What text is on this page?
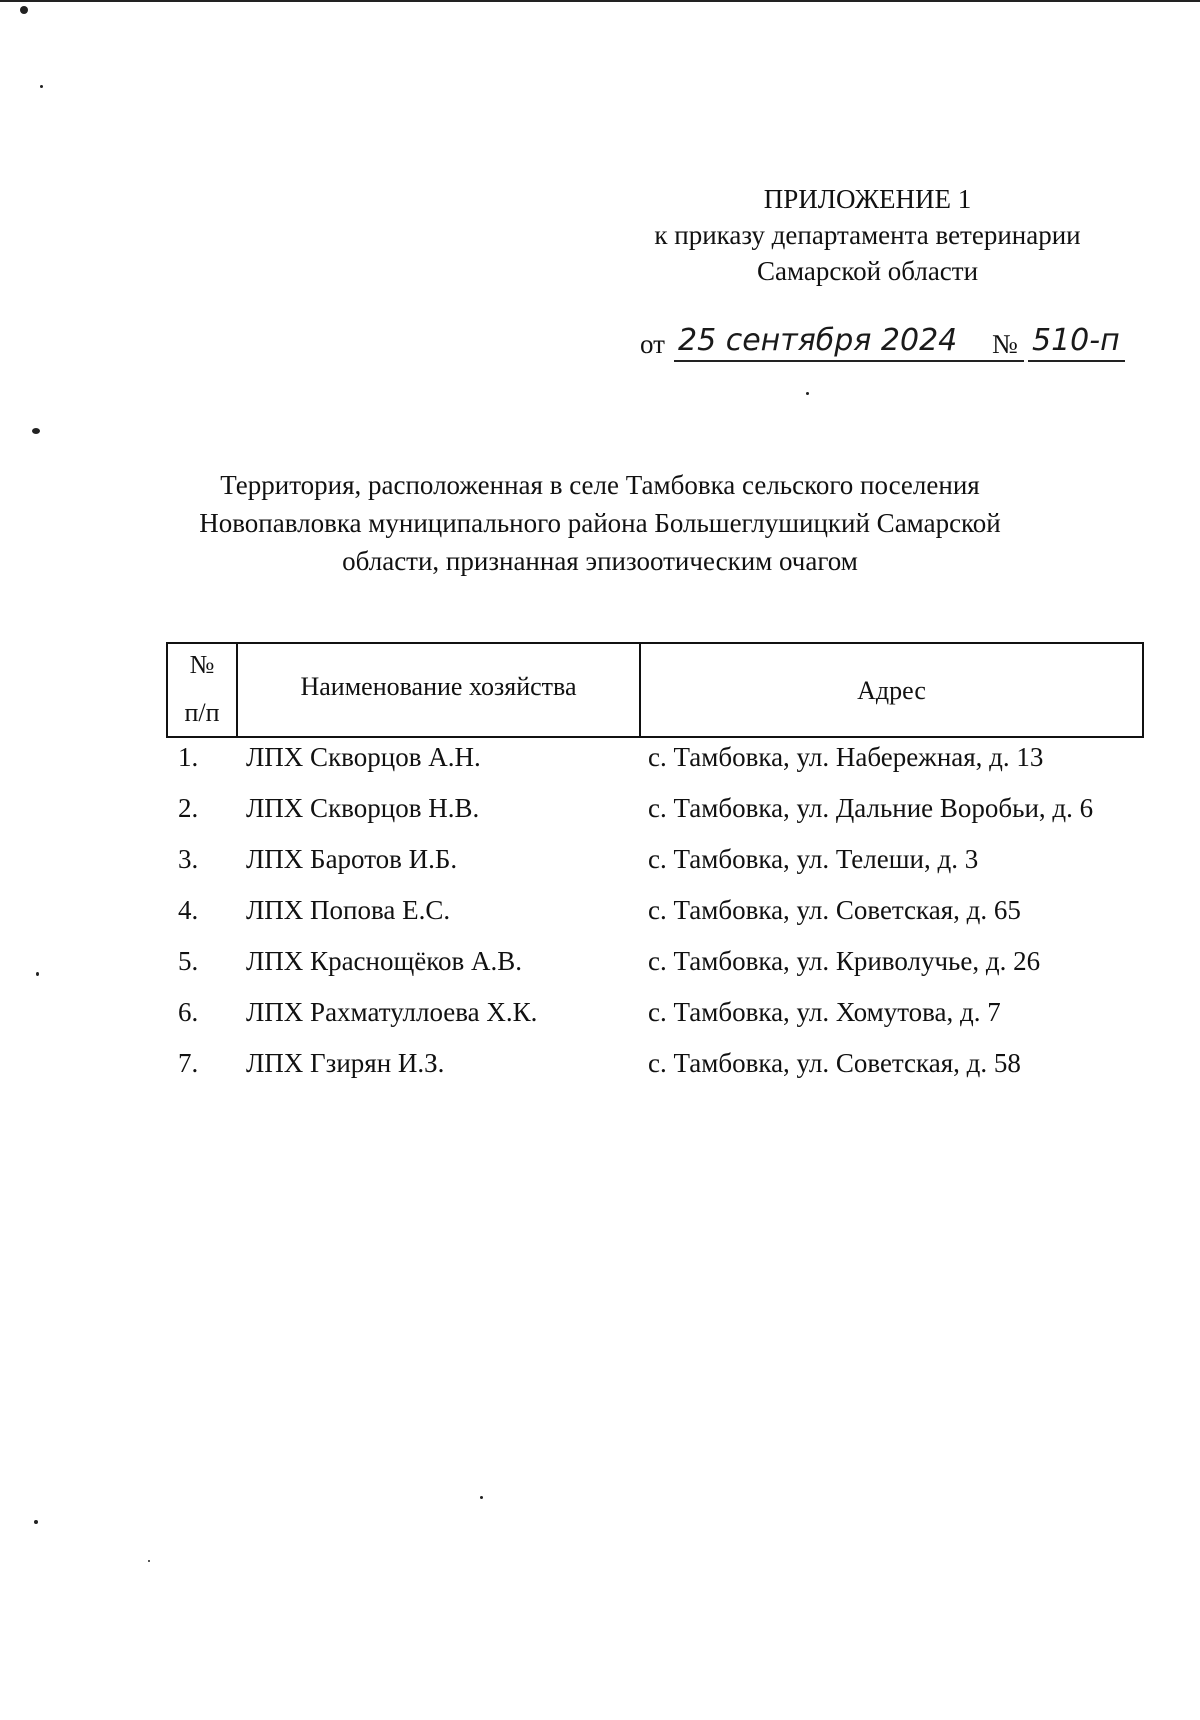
ПРИЛОЖЕНИЕ 1
к приказу департамента ветеринарии
Самарской области
от 25 сентября 2024 № 510-п
Территория, расположенная в селе Тамбовка сельского поселения
Новопавловка муниципального района Большеглушицкий Самарской
области, признанная эпизоотическим очагом
№
п/п
Наименование хозяйства	Адрес
1. ЛПХ Скворцов А.Н.	с. Тамбовка, ул. Набережная, д. 13
2. ЛПХ Скворцов Н.В.	с. Тамбовка, ул. Дальние Воробьи, д. 6
3. ЛПХ Баротов И.Б.	с. Тамбовка, ул. Телеши, д. 3
4. ЛПХ Попова Е.С.	с. Тамбовка, ул. Советская, д. 65
5. ЛПХ Краснощёков А.В.	с. Тамбовка, ул. Криволучье, д. 26
6. ЛПХ Рахматуллоева Х.К.	с. Тамбовка, ул. Хомутова, д. 7
7. ЛПХ Гзирян И.З.	с. Тамбовка, ул. Советская, д. 58
